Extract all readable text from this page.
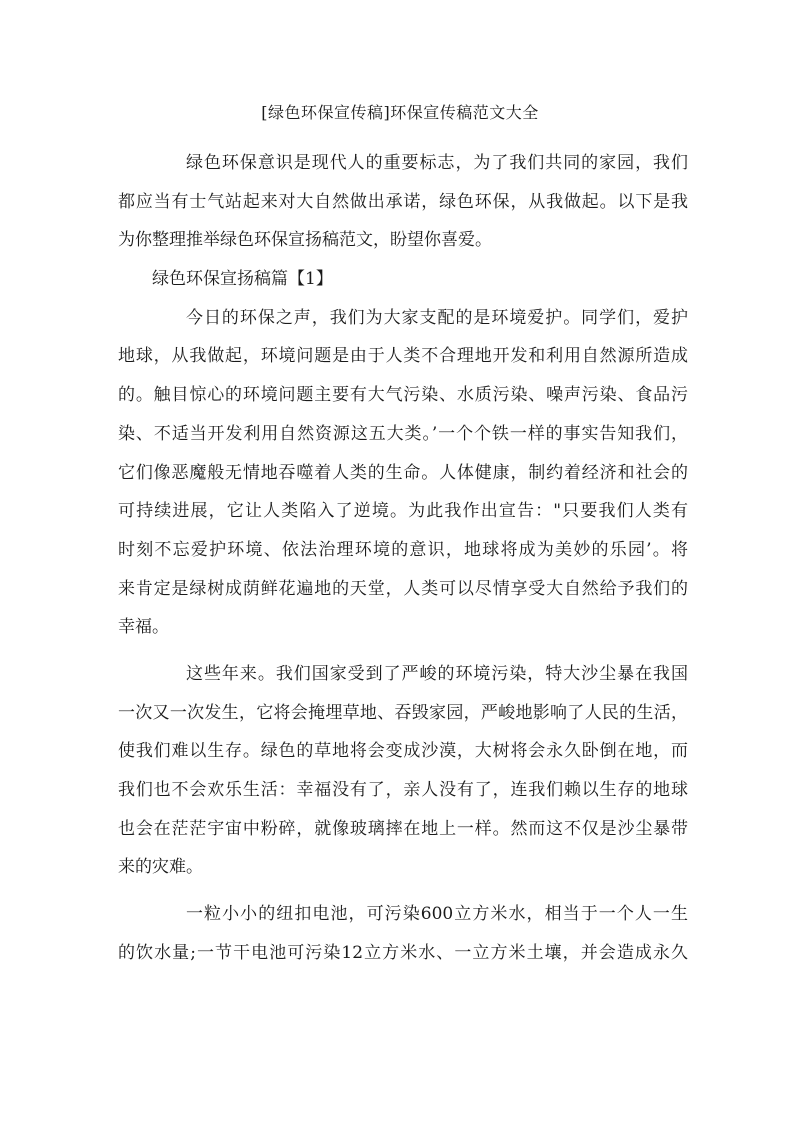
[绿色环保宣传稿]环保宣传稿范文大全
绿色环保意识是现代人的重要标志，为了我们共同的家园，我们
都应当有士气站起来对大自然做出承诺，绿色环保，从我做起。以下是我
为你整理推举绿色环保宣扬稿范文，盼望你喜爱。
绿色环保宣扬稿篇【1】
今日的环保之声，我们为大家支配的是环境爱护。同学们，爱护
地球，从我做起，环境问题是由于人类不合理地开发和利用自然源所造成
的。触目惊心的环境问题主要有大气污染、水质污染、噪声污染、食品污
染、不适当开发利用自然资源这五大类。’一个个铁一样的事实告知我们，
它们像恶魔般无情地吞噬着人类的生命。人体健康，制约着经济和社会的
可持续进展，它让人类陷入了逆境。为此我作出宣告："只要我们人类有
时刻不忘爱护环境、依法治理环境的意识，地球将成为美妙的乐园’。将
来肯定是绿树成荫鲜花遍地的天堂，人类可以尽情享受大自然给予我们的
幸福。
这些年来。我们国家受到了严峻的环境污染，特大沙尘暴在我国
一次又一次发生，它将会掩埋草地、吞毁家园，严峻地影响了人民的生活，
使我们难以生存。绿色的草地将会变成沙漠，大树将会永久卧倒在地，而
我们也不会欢乐生活：幸福没有了，亲人没有了，连我们赖以生存的地球
也会在茫茫宇宙中粉碎，就像玻璃摔在地上一样。然而这不仅是沙尘暴带
来的灾难。
一粒小小的纽扣电池，可污染600立方米水，相当于一个人一生
的饮水量;一节干电池可污染12立方米水、一立方米土壤，并会造成永久
